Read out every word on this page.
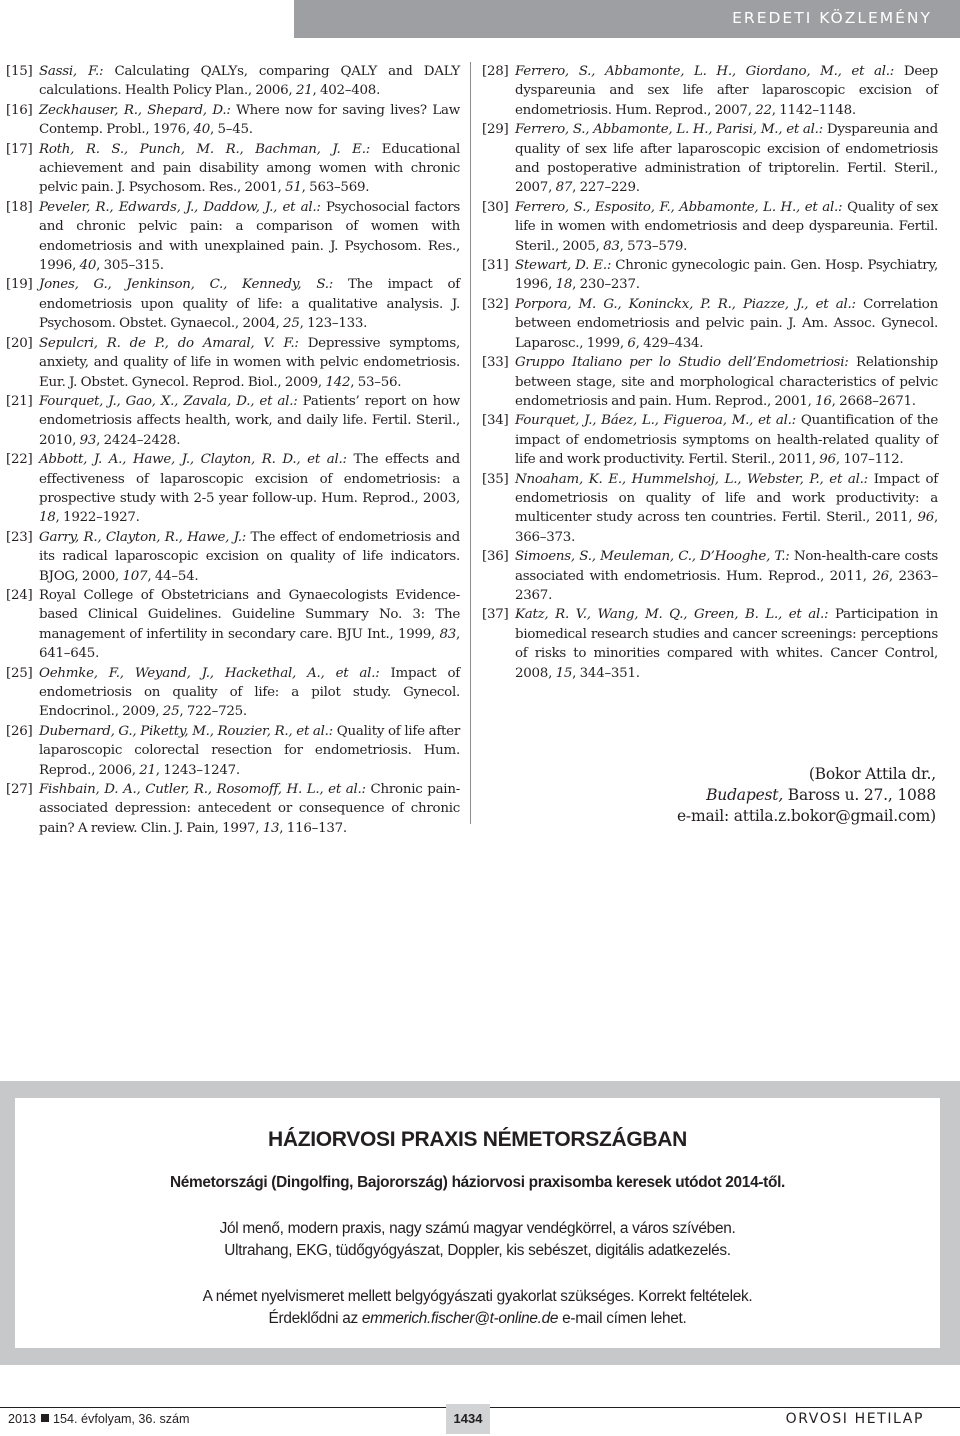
EREDETI KÖZLEMÉNY
[15] Sassi, F.: Calculating QALYs, comparing QALY and DALY calculations. Health Policy Plan., 2006, 21, 402–408.
[16] Zeckhauser, R., Shepard, D.: Where now for saving lives? Law Contemp. Probl., 1976, 40, 5–45.
[17] Roth, R. S., Punch, M. R., Bachman, J. E.: Educational achievement and pain disability among women with chronic pelvic pain. J. Psychosom. Res., 2001, 51, 563–569.
[18] Peveler, R., Edwards, J., Daddow, J., et al.: Psychosocial factors and chronic pelvic pain: a comparison of women with endometriosis and with unexplained pain. J. Psychosom. Res., 1996, 40, 305–315.
[19] Jones, G., Jenkinson, C., Kennedy, S.: The impact of endometriosis upon quality of life: a qualitative analysis. J. Psychosom. Obstet. Gynaecol., 2004, 25, 123–133.
[20] Sepulcri, R. de P., do Amaral, V. F.: Depressive symptoms, anxiety, and quality of life in women with pelvic endometriosis. Eur. J. Obstet. Gynecol. Reprod. Biol., 2009, 142, 53–56.
[21] Fourquet, J., Gao, X., Zavala, D., et al.: Patients’ report on how endometriosis affects health, work, and daily life. Fertil. Steril., 2010, 93, 2424–2428.
[22] Abbott, J. A., Hawe, J., Clayton, R. D., et al.: The effects and effectiveness of laparoscopic excision of endometriosis: a prospective study with 2-5 year follow-up. Hum. Reprod., 2003, 18, 1922–1927.
[23] Garry, R., Clayton, R., Hawe, J.: The effect of endometriosis and its radical laparoscopic excision on quality of life indicators. BJOG, 2000, 107, 44–54.
[24] Royal College of Obstetricians and Gynaecologists Evidence-based Clinical Guidelines. Guideline Summary No. 3: The management of infertility in secondary care. BJU Int., 1999, 83, 641–645.
[25] Oehmke, F., Weyand, J., Hackethal, A., et al.: Impact of endometriosis on quality of life: a pilot study. Gynecol. Endocrinol., 2009, 25, 722–725.
[26] Dubernard, G., Piketty, M., Rouzier, R., et al.: Quality of life after laparoscopic colorectal resection for endometriosis. Hum. Reprod., 2006, 21, 1243–1247.
[27] Fishbain, D. A., Cutler, R., Rosomoff, H. L., et al.: Chronic pain-associated depression: antecedent or consequence of chronic pain? A review. Clin. J. Pain, 1997, 13, 116–137.
[28] Ferrero, S., Abbamonte, L. H., Giordano, M., et al.: Deep dyspareunia and sex life after laparoscopic excision of endometriosis. Hum. Reprod., 2007, 22, 1142–1148.
[29] Ferrero, S., Abbamonte, L. H., Parisi, M., et al.: Dyspareunia and quality of sex life after laparoscopic excision of endometriosis and postoperative administration of triptorelin. Fertil. Steril., 2007, 87, 227–229.
[30] Ferrero, S., Esposito, F., Abbamonte, L. H., et al.: Quality of sex life in women with endometriosis and deep dyspareunia. Fertil. Steril., 2005, 83, 573–579.
[31] Stewart, D. E.: Chronic gynecologic pain. Gen. Hosp. Psychiatry, 1996, 18, 230–237.
[32] Porpora, M. G., Koninckx, P. R., Piazze, J., et al.: Correlation between endometriosis and pelvic pain. J. Am. Assoc. Gynecol. Laparosc., 1999, 6, 429–434.
[33] Gruppo Italiano per lo Studio dell’Endometriosi: Relationship between stage, site and morphological characteristics of pelvic endometriosis and pain. Hum. Reprod., 2001, 16, 2668–2671.
[34] Fourquet, J., Báez, L., Figueroa, M., et al.: Quantification of the impact of endometriosis symptoms on health-related quality of life and work productivity. Fertil. Steril., 2011, 96, 107–112.
[35] Nnoaham, K. E., Hummelshoj, L., Webster, P., et al.: Impact of endometriosis on quality of life and work productivity: a multicenter study across ten countries. Fertil. Steril., 2011, 96, 366–373.
[36] Simoens, S., Meuleman, C., D’Hooghe, T.: Non-health-care costs associated with endometriosis. Hum. Reprod., 2011, 26, 2363–2367.
[37] Katz, R. V., Wang, M. Q., Green, B. L., et al.: Participation in biomedical research studies and cancer screenings: perceptions of risks to minorities compared with whites. Cancer Control, 2008, 15, 344–351.
(Bokor Attila dr.,
Budapest, Baross u. 27., 1088
e-mail: attila.z.bokor@gmail.com)
HÁZIORVOSI PRAXIS NÉMETORSZÁGBAN
Németországi (Dingolfing, Bajorország) háziorvosi praxisomba keresek utódot 2014-től.
Jól menő, modern praxis, nagy számú magyar vendégkörrel, a város szívében.
Ultrahang, EKG, tüdőgyógyászat, Doppler, kis sebészet, digitális adatkezelés.
A német nyelvismeret mellett belgyógyászati gyakorlat szükséges. Korrekt feltételek.
Érdeklődni az emmerich.fischer@t-online.de e-mail címen lehet.
2013 154. évfolyam, 36. szám	1434	ORVOSI HETILAP
